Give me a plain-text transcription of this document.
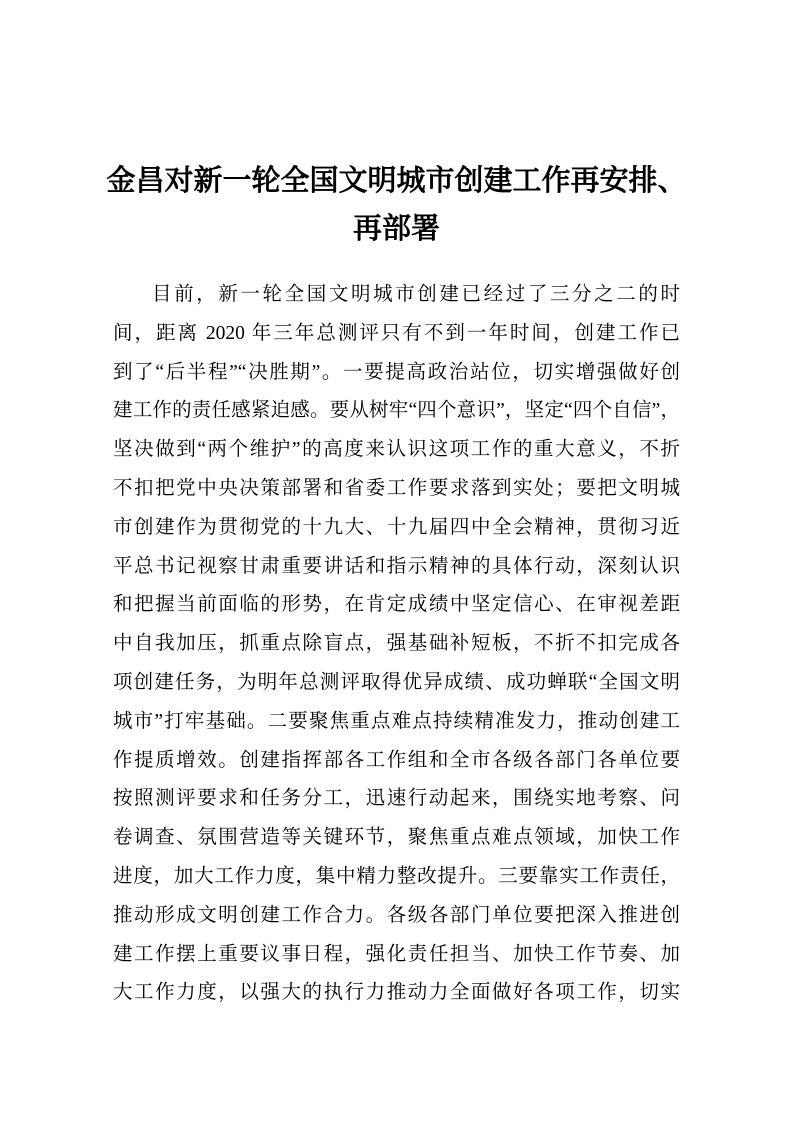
金昌对新一轮全国文明城市创建工作再安排、
再部署
目前，新一轮全国文明城市创建已经过了三分之二的时
间，距离 2020 年三年总测评只有不到一年时间，创建工作已
到了“后半程”“决胜期”。一要提高政治站位，切实增强做好创
建工作的责任感紧迫感。要从树牢“四个意识”，坚定“四个自信”，
坚决做到“两个维护”的高度来认识这项工作的重大意义，不折
不扣把党中央决策部署和省委工作要求落到实处；要把文明城
市创建作为贯彻党的十九大、十九届四中全会精神，贯彻习近
平总书记视察甘肃重要讲话和指示精神的具体行动，深刻认识
和把握当前面临的形势，在肯定成绩中坚定信心、在审视差距
中自我加压，抓重点除盲点，强基础补短板，不折不扣完成各
项创建任务，为明年总测评取得优异成绩、成功蝉联“全国文明
城市”打牢基础。二要聚焦重点难点持续精准发力，推动创建工
作提质增效。创建指挥部各工作组和全市各级各部门各单位要
按照测评要求和任务分工，迅速行动起来，围绕实地考察、问
卷调查、氛围营造等关键环节，聚焦重点难点领域，加快工作
进度，加大工作力度，集中精力整改提升。三要靠实工作责任，
推动形成文明创建工作合力。各级各部门单位要把深入推进创
建工作摆上重要议事日程，强化责任担当、加快工作节奏、加
大工作力度，以强大的执行力推动力全面做好各项工作，切实
